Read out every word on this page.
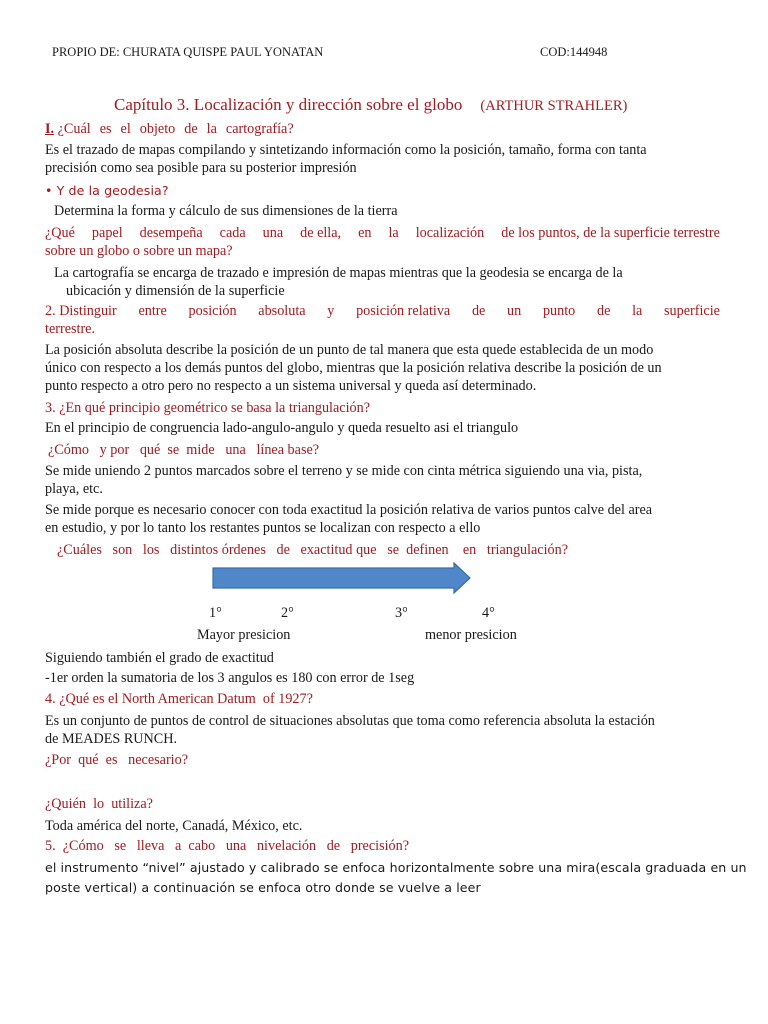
PROPIO DE: CHURATA QUISPE PAUL YONATAN	COD:144948
Capítulo 3. Localización y dirección sobre el globo (ARTHUR STRAHLER)
I. ¿Cuál es el objeto de la cartografía?
Es el trazado de mapas compilando y sintetizando información como la posición, tamaño, forma con tanta
precisión como sea posible para su posterior impresión
• Y de la geodesia?
Determina la forma y cálculo de sus dimensiones de la tierra
¿Qué papel desempeña cada una de ella, en la localización de los puntos, de la superficie terrestre
sobre un globo o sobre un mapa?
La cartografía se encarga de trazado e impresión de mapas mientras que la geodesia se encarga de la
ubicación y dimensión de la superficie
2. Distinguir entre posición absoluta y posición relativa de un punto de la superficie
terrestre.
La posición absoluta describe la posición de un punto de tal manera que esta quede establecida de un modo
único con respecto a los demás puntos del globo, mientras que la posición relativa describe la posición de un
punto respecto a otro pero no respecto a un sistema universal y queda así determinado.
3. ¿En qué principio geométrico se basa la triangulación?
En el principio de congruencia lado-angulo-angulo y queda resuelto asi el triangulo
¿Cómo   y por   qué  se  mide   una   línea base?
Se mide uniendo 2 puntos marcados sobre el terreno y se mide con cinta métrica siguiendo una via, pista,
playa, etc.
Se mide porque es necesario conocer con toda exactitud la posición relativa de varios puntos calve del area
en estudio, y por lo tanto los restantes puntos se localizan con respecto a ello
¿Cuáles   son   los   distintos órdenes   de   exactitud que   se  definen    en   triangulación?
1°	2°	3°	4°
Mayor presicion	menor presicion
Siguiendo también el grado de exactitud
-1er orden la sumatoria de los 3 angulos es 180 con error de 1seg
4. ¿Qué es el North American Datum  of 1927?
Es un conjunto de puntos de control de situaciones absolutas que toma como referencia absoluta la estación
de MEADES RUNCH.
¿Por  qué  es   necesario?
¿Quién  lo  utiliza?
Toda américa del norte, Canadá, México, etc.
5.  ¿Cómo   se   lleva   a  cabo   una   nivelación   de   precisión?
el instrumento “nivel” ajustado y calibrado se enfoca horizontalmente sobre una mira(escala graduada en un
poste vertical) a continuación se enfoca otro donde se vuelve a leer
